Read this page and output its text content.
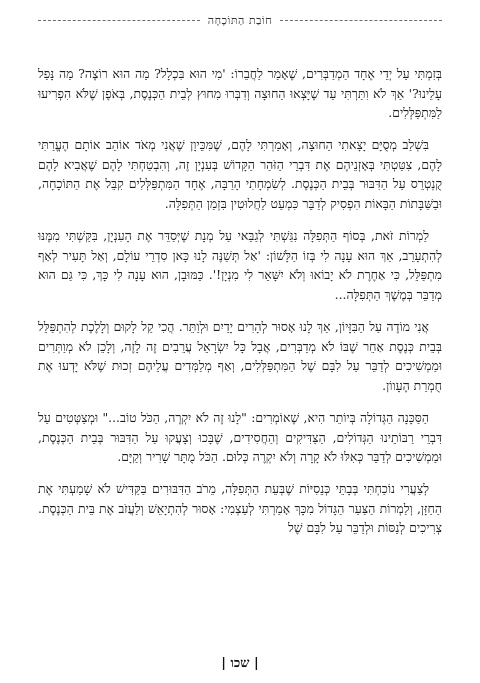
חוֹבַת הַתּוֹכָחָה

בְּזִמְתִּי עַל יְדֵי אֶחָד הַמְדַבְּרִים, שֶׁאָמַר לַחֲבֵרוֹ: 'מִי הוּא בִּכְלָל? מַה הוּא רוֹצֶה? מַה נָּפַל עָלֵינוּ?' אַךְ לֹא וִתַּרְתִּי עַד שֶׁיָּצְאוּ הַחוּצָה וְדִבְּרוּ מִחוּץ לְבֵית הַכְּנֶסֶת, בְּאֹפֶן שֶׁלֹּא הִפְרִיעוּ לַמִּתְפַּלְּלִים.

בִּשְׁלַב מְסֻיָּם יָצָאתִי הַחוּצָה, וְאָמַרְתִּי לָהֶם, שֶׁמִּכֵּיוָן שֶׁאֲנִי מְאֹד אוֹהֵב אוֹתָם הֶעֱרַתִּי לָהֶם, צִטַּטְתִּי בְּאָזְנֵיהֶם אֶת דִּבְרֵי הַזֹּהַר הַקָּדוֹשׁ בְּעִנְיָן זֶה, וְהִבְטַחְתִּי לָהֶם שֶׁאֲבִיא לָהֶם קֻנְטְרֵס עַל הַדִּבּוּר בְּבֵית הַכְּנֶסֶת. לְשִׂמְחָתִי הָרַבָּה, אֶחָד הַמִּתְפַּלְּלִים קִבֵּל אֶת הַתּוֹכָחָה, וּבַשַּׁבָּתוֹת הַבָּאוֹת הִפְסִיק לְדַבֵּר כִּמְעַט לַחֲלוּטִין בִּזְמַן הַתְּפִלָּה.

לַמְרוֹת זֹאת, בְּסוֹף הַתְּפִלָּה נִגַּשְׁתִּי לְגַבַּאי עַל מְנָת שֶׁיְּסַדֵּר אֶת הָעִנְיָן, בִּקַּשְׁתִּי מִמֶּנּוּ לְהִתְעָרֵב, אַךְ הוּא עָנָה לִי בְּזוֹ הַלָּשׁוֹן: 'אַל תְּשַׁנֶּה לָנוּ כָּאן סִדְרֵי עוֹלָם, וְאַל תָּעִיר לְאַף מִתְפַּלֵּל, כִּי אַחֶרֶת לֹא יָבוֹאוּ וְלֹא יִשָּׁאֵר לִי מִנְיָן!'. כַּמּוּבָן, הוּא עָנָה לִי כָּךְ, כִּי גַּם הוּא מְדַבֵּר בְּמֶשֶׁךְ הַתְּפִלָּה...

אֲנִי מוֹדֶה עַל הַבִּזָּיוֹן, אַךְ לָנוּ אָסוּר לְהָרִים יָדַיִם וּלְוַתֵּר. הֲכִי קַל לָקוּם וְלָלֶכֶת לְהִתְפַּלֵּל בְּבֵית כְּנֶסֶת אַחֵר שֶׁבּוֹ לֹא מְדַבְּרִים, אֲבָל כָּל יִשְׂרָאֵל עֲרֵבִים זֶה לָזֶה, וְלָכֵן לֹא מְוַתְּרִים וּמַמְשִׁיכִים לְדַבֵּר עַל לִבָּם שֶׁל הַמִּתְפַּלְּלִים, וְאַף מְלַמְּדִים עֲלֵיהֶם זְכוּת שֶׁלֹּא יָדְעוּ אֶת חֻמְרַת הֶעָווֹן.

הַסַּכָּנָה הַגְּדוֹלָה בְּיוֹתֵר הִיא, שֶׁאוֹמְרִים: "לָנוּ זֶה לֹא יִקְרֶה, הַכֹּל טוֹב..." וּמְצַטְּטִים עַל דִּבְרֵי רַבּוֹתֵינוּ הַגְּדוֹלִים, הַצַּדִּיקִים וְהַחֲסִידִים, שֶׁבָּכוּ וְצָעֲקוּ עַל הַדִּבּוּר בְּבֵית הַכְּנֶסֶת, וּמַמְשִׁיכִים לְדַבֵּר כְּאִלּוּ לֹא קָרָה וְלֹא יִקְרֶה כְּלוּם. הַכֹּל מֻתָּר שָׁרִיר וְקַיָּם.

לְצַעֲרִי נוֹכַחְתִּי בְּבָתֵּי כְּנֵסִיּוֹת שֶׁבְּעֵת הַתְּפִלָּה, מֵרֹב הַדִּבּוּרִים בַּקַּדִּישׁ לֹא שָׁמַעְתִּי אֶת הַחַזָּן, וְלַמְרוֹת הַצַּעַר הַגָּדוֹל מִכָּךְ אָמַרְתִּי לְעַצְמִי: אָסוּר לְהִתְיָאֵשׁ וְלַעֲזֹב אֶת בֵּית הַכְּנֶסֶת. צְרִיכִים לְנַסּוֹת וּלְדַבֵּר עַל לִבָּם שֶׁל

| שכו |
